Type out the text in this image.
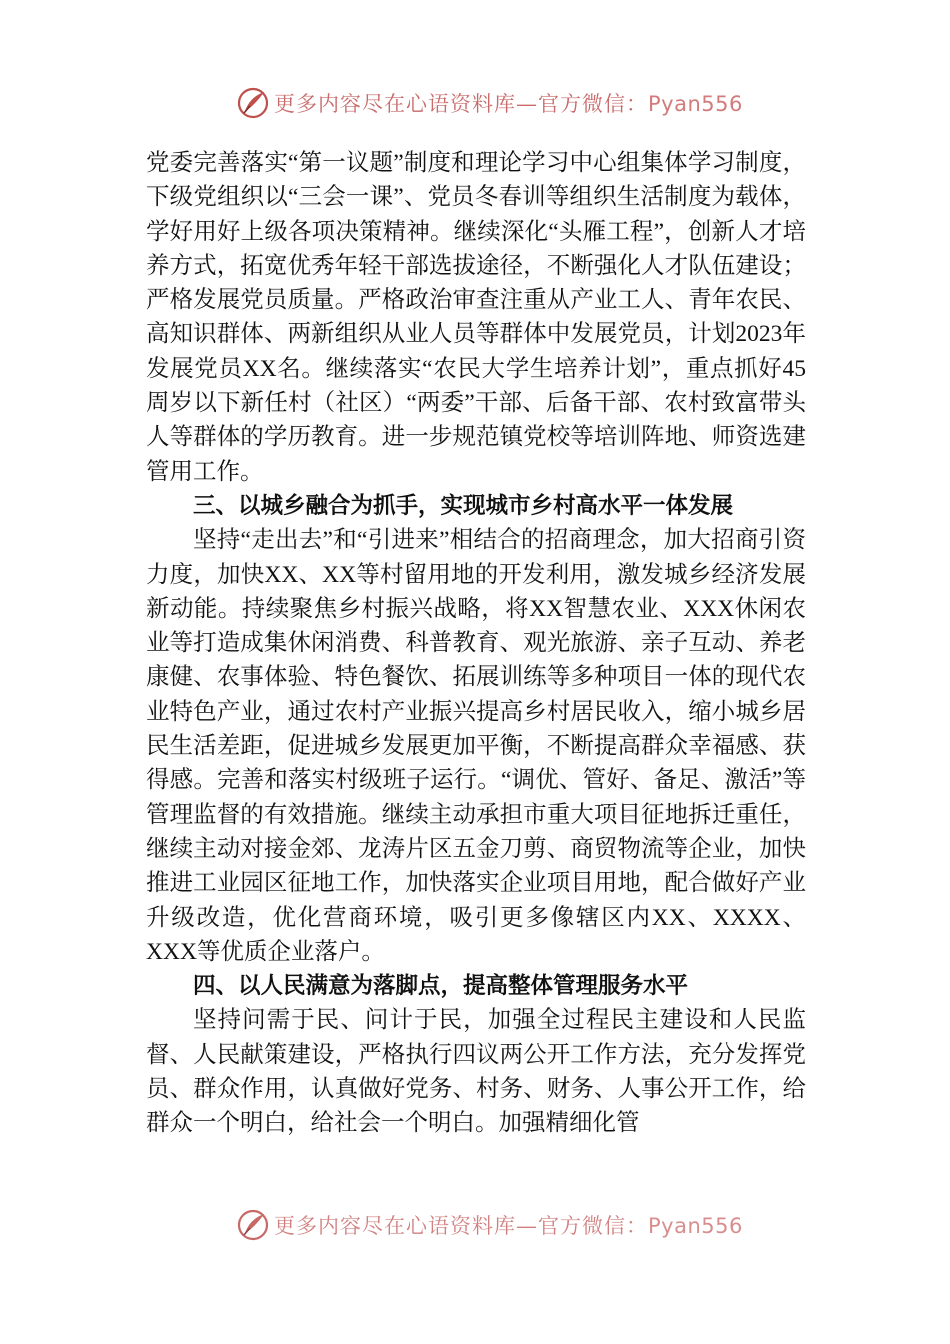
更多内容尽在心语资料库—官方微信：Pyan556

党委完善落实“第一议题”制度和理论学习中心组集体学习制度，下级党组织以“三会一课”、党员冬春训等组织生活制度为载体，学好用好上级各项决策精神。继续深化“头雁工程”，创新人才培养方式，拓宽优秀年轻干部选拔途径，不断强化人才队伍建设；严格发展党员质量。严格政治审查注重从产业工人、青年农民、高知识群体、两新组织从业人员等群体中发展党员，计划2023年发展党员XX名。继续落实“农民大学生培养计划”，重点抓好45周岁以下新任村（社区）“两委”干部、后备干部、农村致富带头人等群体的学历教育。进一步规范镇党校等培训阵地、师资选建管用工作。

三、以城乡融合为抓手，实现城市乡村高水平一体发展

坚持“走出去”和“引进来”相结合的招商理念，加大招商引资力度，加快XX、XX等村留用地的开发利用，激发城乡经济发展新动能。持续聚焦乡村振兴战略，将XX智慧农业、XXX休闲农业等打造成集休闲消费、科普教育、观光旅游、亲子互动、养老康健、农事体验、特色餐饮、拓展训练等多种项目一体的现代农业特色产业，通过农村产业振兴提高乡村居民收入，缩小城乡居民生活差距，促进城乡发展更加平衡，不断提高群众幸福感、获得感。完善和落实村级班子运行。“调优、管好、备足、激活”等管理监督的有效措施。继续主动承担市重大项目征地拆迁重任，继续主动对接金郊、龙涛片区五金刀剪、商贸物流等企业，加快推进工业园区征地工作，加快落实企业项目用地，配合做好产业升级改造，优化营商环境，吸引更多像辖区内XX、XXXX、XXX等优质企业落户。

四、以人民满意为落脚点，提高整体管理服务水平

坚持问需于民、问计于民，加强全过程民主建设和人民监督、人民献策建设，严格执行四议两公开工作方法，充分发挥党员、群众作用，认真做好党务、村务、财务、人事公开工作，给群众一个明白，给社会一个明白。加强精细化管

更多内容尽在心语资料库—官方微信：Pyan556
